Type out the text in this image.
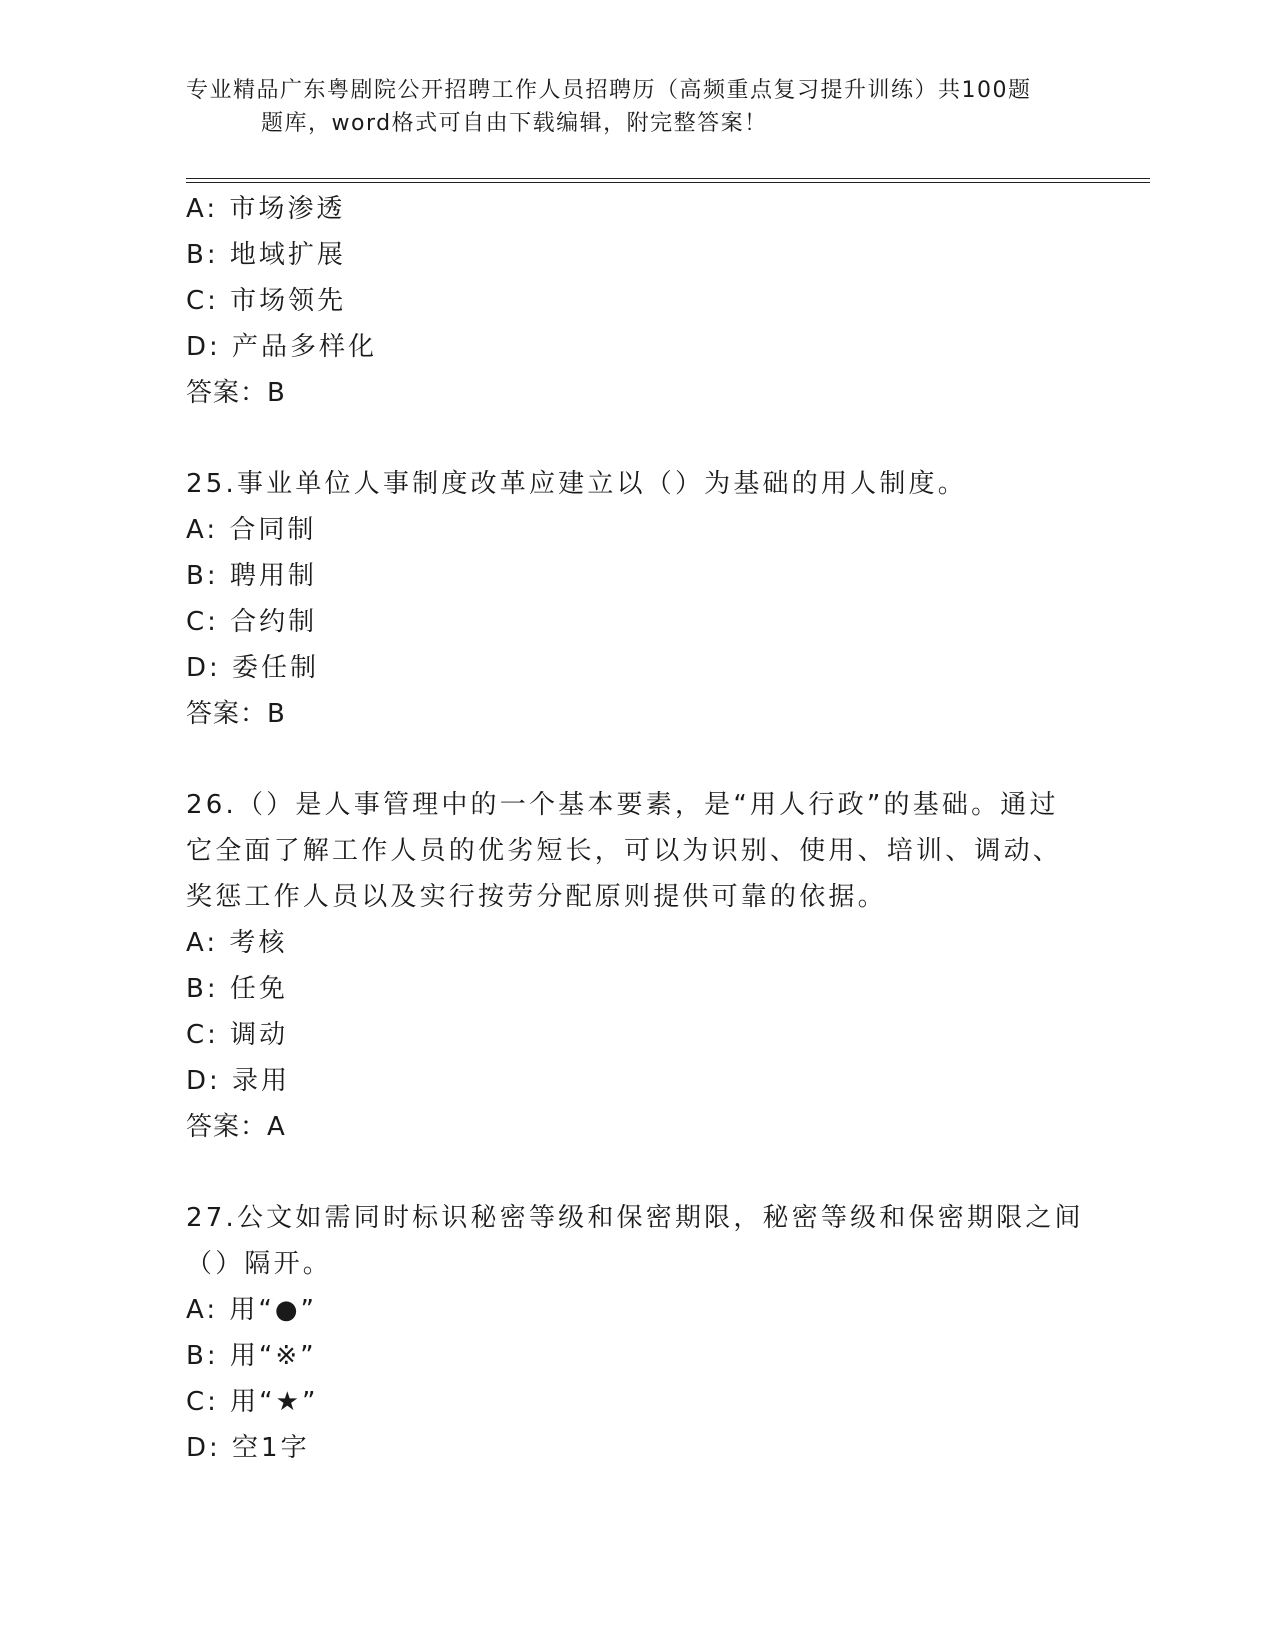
专业精品广东粤剧院公开招聘工作人员招聘历（高频重点复习提升训练）共100题
题库，word格式可自由下载编辑，附完整答案！
A: 市场渗透
B: 地域扩展
C: 市场领先
D: 产品多样化
答案：B
25.事业单位人事制度改革应建立以（）为基础的用人制度。
A: 合同制
B: 聘用制
C: 合约制
D: 委任制
答案：B
26.（）是人事管理中的一个基本要素，是“用人行政”的基础。通过
它全面了解工作人员的优劣短长，可以为识别、使用、培训、调动、
奖惩工作人员以及实行按劳分配原则提供可靠的依据。
A: 考核
B: 任免
C: 调动
D: 录用
答案：A
27.公文如需同时标识秘密等级和保密期限，秘密等级和保密期限之间
（）隔开。
A: 用“●”
B: 用“※”
C: 用“★”
D: 空1字
